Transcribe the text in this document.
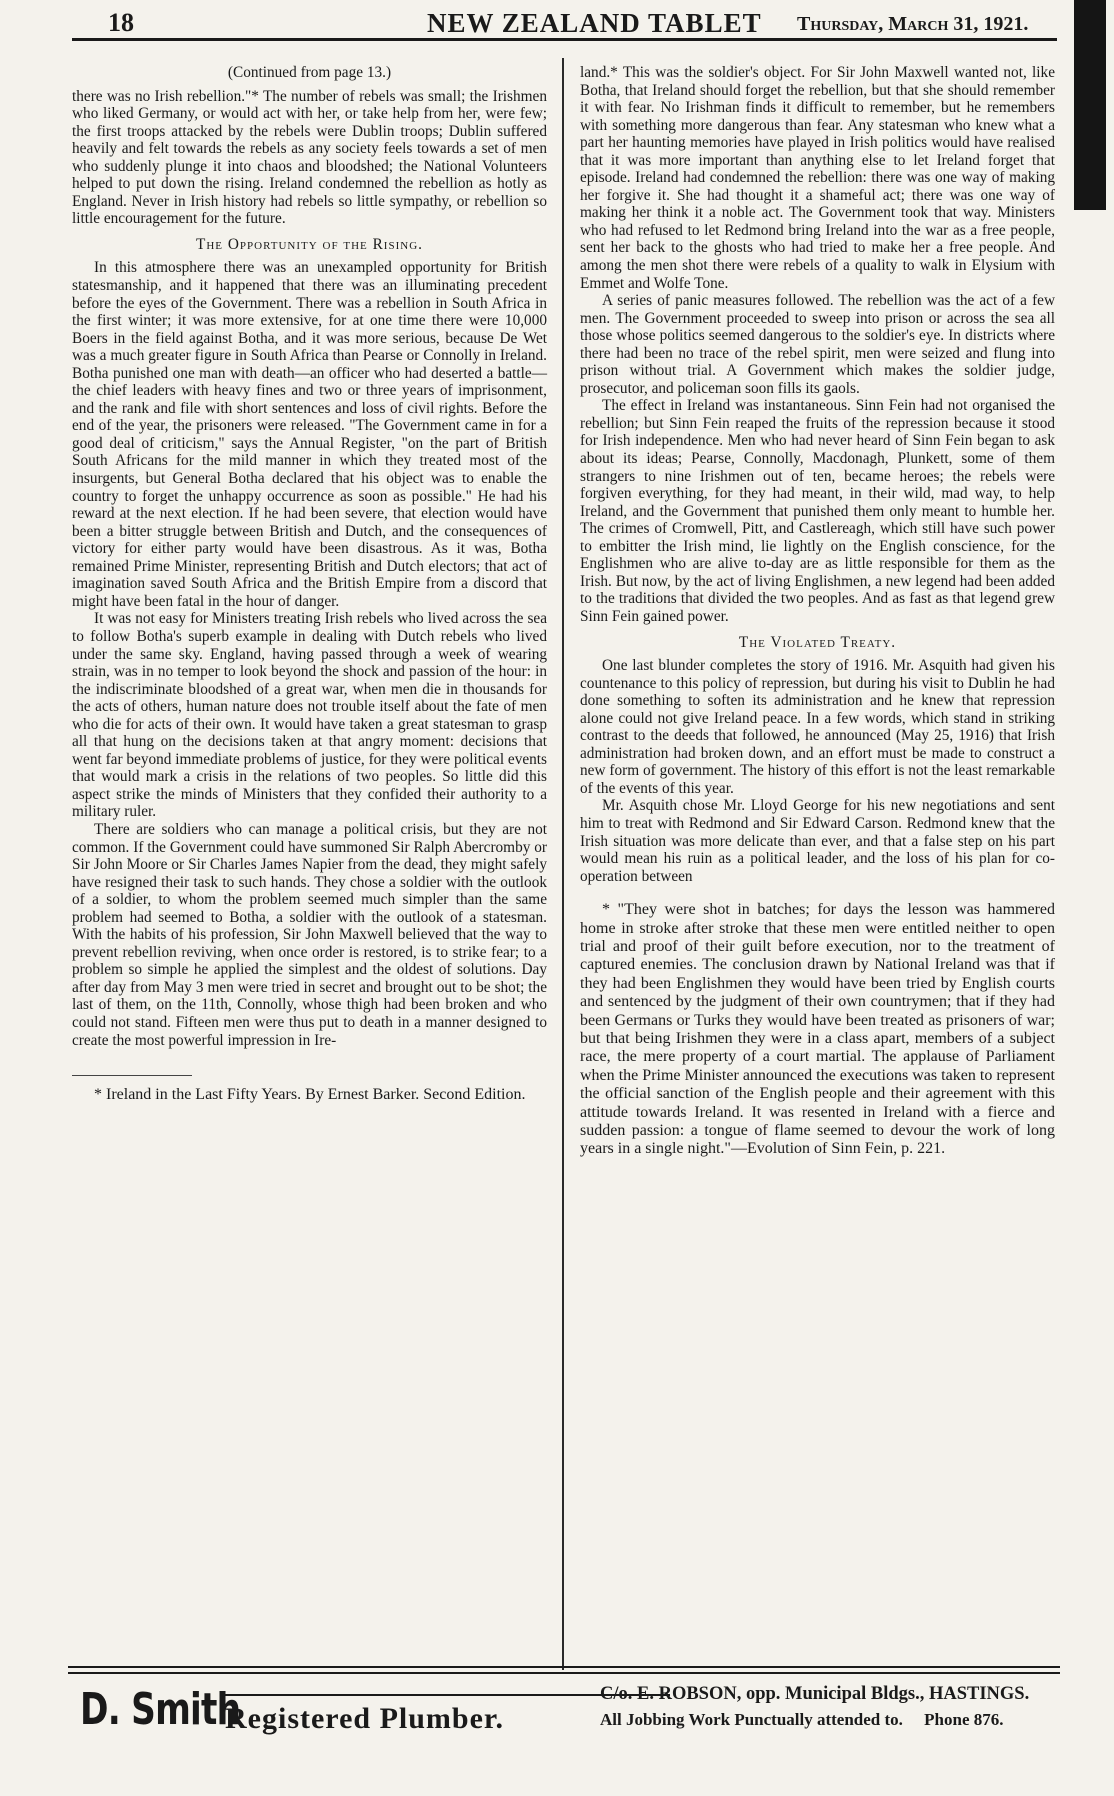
18	NEW ZEALAND TABLET Thursday, March 31, 1921.

(Continued from page 13.)

there was no Irish rebellion."* The number of rebels was small; the Irishmen who liked Germany, or would act with her, or take help from her, were few; the first troops attacked by the rebels were Dublin troops; Dublin suffered heavily and felt towards the rebels as any society feels towards a set of men who suddenly plunge it into chaos and bloodshed; the National Volunteers helped to put down the rising. Ireland condemned the rebellion as hotly as England. Never in Irish history had rebels so little sympathy, or rebellion so little encouragement for the future.

The Opportunity of the Rising.

In this atmosphere there was an unexampled opportunity for British statesmanship, and it happened that there was an illuminating precedent before the eyes of the Government. There was a rebellion in South Africa in the first winter; it was more extensive, for at one time there were 10,000 Boers in the field against Botha, and it was more serious, because De Wet was a much greater figure in South Africa than Pearse or Connolly in Ireland. Botha punished one man with death—an officer who had deserted a battle—the chief leaders with heavy fines and two or three years of imprisonment, and the rank and file with short sentences and loss of civil rights. Before the end of the year, the prisoners were released. "The Government came in for a good deal of criticism," says the Annual Register, "on the part of British South Africans for the mild manner in which they treated most of the insurgents, but General Botha declared that his object was to enable the country to forget the unhappy occurrence as soon as possible." He had his reward at the next election. If he had been severe, that election would have been a bitter struggle between British and Dutch, and the consequences of victory for either party would have been disastrous. As it was, Botha remained Prime Minister, representing British and Dutch electors; that act of imagination saved South Africa and the British Empire from a discord that might have been fatal in the hour of danger.

It was not easy for Ministers treating Irish rebels who lived across the sea to follow Botha's superb example in dealing with Dutch rebels who lived under the same sky. England, having passed through a week of wearing strain, was in no temper to look beyond the shock and passion of the hour: in the indiscriminate bloodshed of a great war, when men die in thousands for the acts of others, human nature does not trouble itself about the fate of men who die for acts of their own. It would have taken a great statesman to grasp all that hung on the decisions taken at that angry moment: decisions that went far beyond immediate problems of justice, for they were political events that would mark a crisis in the relations of two peoples. So little did this aspect strike the minds of Ministers that they confided their authority to a military ruler.

There are soldiers who can manage a political crisis, but they are not common. If the Government could have summoned Sir Ralph Abercromby or Sir John Moore or Sir Charles James Napier from the dead, they might safely have resigned their task to such hands. They chose a soldier with the outlook of a soldier, to whom the problem seemed much simpler than the same problem had seemed to Botha, a soldier with the outlook of a statesman. With the habits of his profession, Sir John Maxwell believed that the way to prevent rebellion reviving, when once order is restored, is to strike fear; to a problem so simple he applied the simplest and the oldest of solutions. Day after day from May 3 men were tried in secret and brought out to be shot; the last of them, on the 11th, Connolly, whose thigh had been broken and who could not stand. Fifteen men were thus put to death in a manner designed to create the most powerful impression in Ire-

* Ireland in the Last Fifty Years. By Ernest Barker. Second Edition.

land.* This was the soldier's object. For Sir John Maxwell wanted not, like Botha, that Ireland should forget the rebellion, but that she should remember it with fear. No Irishman finds it difficult to remember, but he remembers with something more dangerous than fear. Any statesman who knew what a part her haunting memories have played in Irish politics would have realised that it was more important than anything else to let Ireland forget that episode. Ireland had condemned the rebellion: there was one way of making her forgive it. She had thought it a shameful act; there was one way of making her think it a noble act. The Government took that way. Ministers who had refused to let Redmond bring Ireland into the war as a free people, sent her back to the ghosts who had tried to make her a free people. And among the men shot there were rebels of a quality to walk in Elysium with Emmet and Wolfe Tone.

A series of panic measures followed. The rebellion was the act of a few men. The Government proceeded to sweep into prison or across the sea all those whose politics seemed dangerous to the soldier's eye. In districts where there had been no trace of the rebel spirit, men were seized and flung into prison without trial. A Government which makes the soldier judge, prosecutor, and policeman soon fills its gaols.

The effect in Ireland was instantaneous. Sinn Fein had not organised the rebellion; but Sinn Fein reaped the fruits of the repression because it stood for Irish independence. Men who had never heard of Sinn Fein began to ask about its ideas; Pearse, Connolly, Macdonagh, Plunkett, some of them strangers to nine Irishmen out of ten, became heroes; the rebels were forgiven everything, for they had meant, in their wild, mad way, to help Ireland, and the Government that punished them only meant to humble her. The crimes of Cromwell, Pitt, and Castlereagh, which still have such power to embitter the Irish mind, lie lightly on the English conscience, for the Englishmen who are alive to-day are as little responsible for them as the Irish. But now, by the act of living Englishmen, a new legend had been added to the traditions that divided the two peoples. And as fast as that legend grew Sinn Fein gained power.

The Violated Treaty.

One last blunder completes the story of 1916. Mr. Asquith had given his countenance to this policy of repression, but during his visit to Dublin he had done something to soften its administration and he knew that repression alone could not give Ireland peace. In a few words, which stand in striking contrast to the deeds that followed, he announced (May 25, 1916) that Irish administration had broken down, and an effort must be made to construct a new form of government. The history of this effort is not the least remarkable of the events of this year.

Mr. Asquith chose Mr. Lloyd George for his new negotiations and sent him to treat with Redmond and Sir Edward Carson. Redmond knew that the Irish situation was more delicate than ever, and that a false step on his part would mean his ruin as a political leader, and the loss of his plan for co-operation between

* "They were shot in batches; for days the lesson was hammered home in stroke after stroke that these men were entitled neither to open trial and proof of their guilt before execution, nor to the treatment of captured enemies. The conclusion drawn by National Ireland was that if they had been Englishmen they would have been tried by English courts and sentenced by the judgment of their own countrymen; that if they had been Germans or Turks they would have been treated as prisoners of war; but that being Irishmen they were in a class apart, members of a subject race, the mere property of a court martial. The applause of Parliament when the Prime Minister announced the executions was taken to represent the official sanction of the English people and their agreement with this attitude towards Ireland. It was resented in Ireland with a fierce and sudden passion: a tongue of flame seemed to devour the work of long years in a single night."—Evolution of Sinn Fein, p. 221.

D. Smith
Registered Plumber.
C/o. E. ROBSON, opp. Municipal Bldgs., HASTINGS.
All Jobbing Work Punctually attended to. Phone 876.
